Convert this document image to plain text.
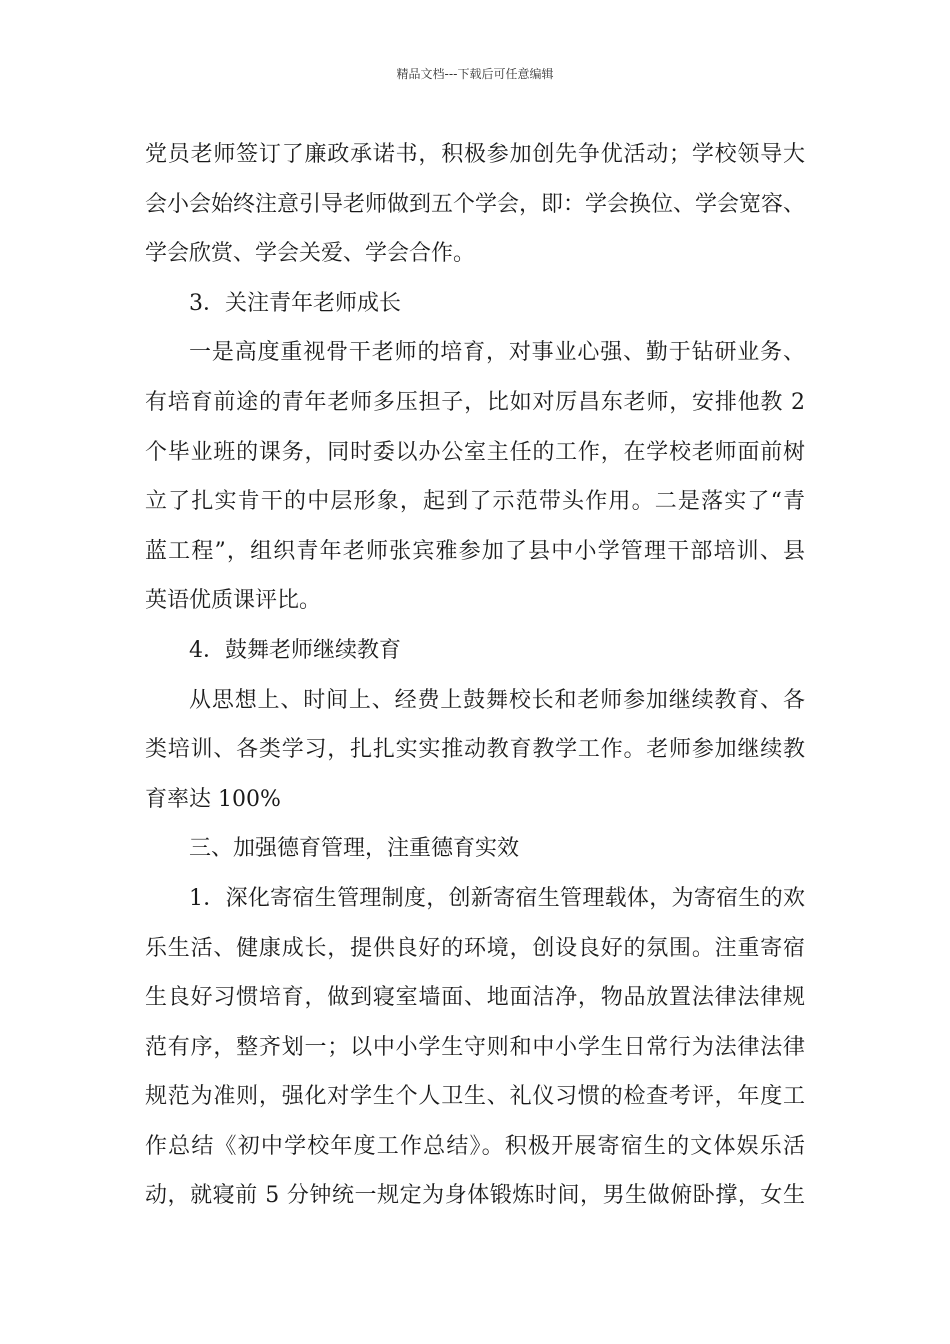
精品文档---下载后可任意编辑
党员老师签订了廉政承诺书，积极参加创先争优活动；学校领导大
会小会始终注意引导老师做到五个学会，即：学会换位、学会宽容、
学会欣赏、学会关爱、学会合作。
3．关注青年老师成长
一是高度重视骨干老师的培育，对事业心强、勤于钻研业务、
有培育前途的青年老师多压担子，比如对厉昌东老师，安排他教 2
个毕业班的课务，同时委以办公室主任的工作，在学校老师面前树
立了扎实肯干的中层形象，起到了示范带头作用。二是落实了“青
蓝工程”，组织青年老师张宾雅参加了县中小学管理干部培训、县
英语优质课评比。
4．鼓舞老师继续教育
从思想上、时间上、经费上鼓舞校长和老师参加继续教育、各
类培训、各类学习，扎扎实实推动教育教学工作。老师参加继续教
育率达 100%
三、加强德育管理，注重德育实效
1．深化寄宿生管理制度，创新寄宿生管理载体，为寄宿生的欢
乐生活、健康成长，提供良好的环境，创设良好的氛围。注重寄宿
生良好习惯培育，做到寝室墙面、地面洁净，物品放置法律法律规
范有序，整齐划一；以中小学生守则和中小学生日常行为法律法律
规范为准则，强化对学生个人卫生、礼仪习惯的检查考评，年度工
作总结《初中学校年度工作总结》。积极开展寄宿生的文体娱乐活
动，就寝前 5 分钟统一规定为身体锻炼时间，男生做俯卧撑，女生
